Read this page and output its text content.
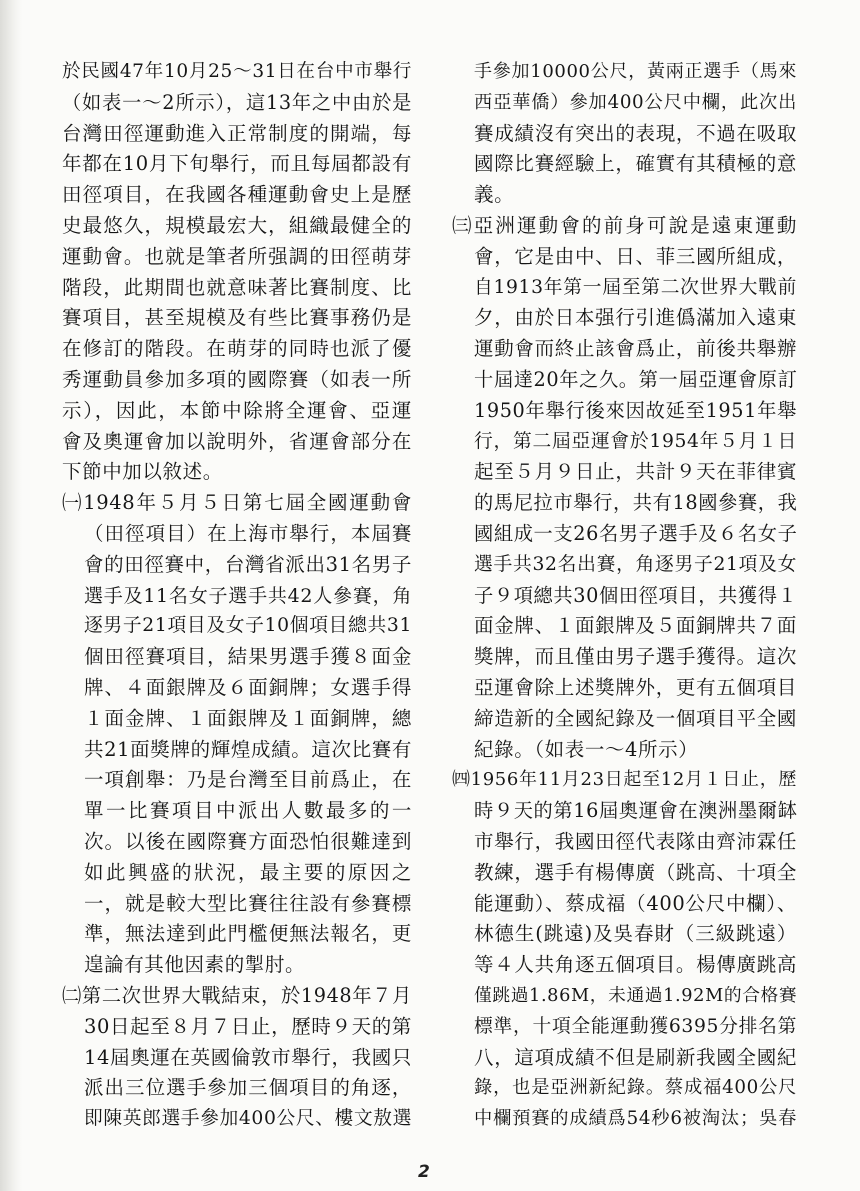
於民國47年10月25～31日在台中市舉行
（如表一～2所示），這13年之中由於是
台灣田徑運動進入正常制度的開端，每
年都在10月下旬舉行，而且每屆都設有
田徑項目，在我國各種運動會史上是歷
史最悠久，規模最宏大，組織最健全的
運動會。也就是筆者所强調的田徑萌芽
階段，此期間也就意味著比賽制度、比
賽項目，甚至規模及有些比賽事務仍是
在修訂的階段。在萌芽的同時也派了優
秀運動員參加多項的國際賽（如表一所
示），因此，本節中除將全運會、亞運
會及奧運會加以說明外，省運會部分在
下節中加以敘述。
㈠1948年５月５日第七屆全國運動會
（田徑項目）在上海市舉行，本屆賽
會的田徑賽中，台灣省派出31名男子
選手及11名女子選手共42人參賽，角
逐男子21項目及女子10個項目總共31
個田徑賽項目，結果男選手獲８面金
牌、４面銀牌及６面銅牌；女選手得
１面金牌、１面銀牌及１面銅牌，總
共21面獎牌的輝煌成績。這次比賽有
一項創舉：乃是台灣至目前爲止，在
單一比賽項目中派出人數最多的一
次。以後在國際賽方面恐怕很難達到
如此興盛的狀況，最主要的原因之
一，就是較大型比賽往往設有參賽標
準，無法達到此門檻便無法報名，更
遑論有其他因素的掣肘。
㈡第二次世界大戰結束，於1948年７月
30日起至８月７日止，歷時９天的第
14屆奧運在英國倫敦市舉行，我國只
派出三位選手參加三個項目的角逐，
即陳英郎選手參加400公尺、樓文敖選
手參加10000公尺，黃兩正選手（馬來
西亞華僑）參加400公尺中欄，此次出
賽成績沒有突出的表現，不過在吸取
國際比賽經驗上，確實有其積極的意
義。
㈢亞洲運動會的前身可說是遠東運動
會，它是由中、日、菲三國所組成，
自1913年第一屆至第二次世界大戰前
夕，由於日本强行引進僞滿加入遠東
運動會而終止該會爲止，前後共舉辦
十屆達20年之久。第一屆亞運會原訂
1950年舉行後來因故延至1951年舉
行，第二屆亞運會於1954年５月１日
起至５月９日止，共計９天在菲律賓
的馬尼拉市舉行，共有18國參賽，我
國組成一支26名男子選手及６名女子
選手共32名出賽，角逐男子21項及女
子９項總共30個田徑項目，共獲得１
面金牌、１面銀牌及５面銅牌共７面
獎牌，而且僅由男子選手獲得。這次
亞運會除上述獎牌外，更有五個項目
締造新的全國紀錄及一個項目平全國
紀錄。（如表一～4所示）
㈣1956年11月23日起至12月１日止，歷
時９天的第16屆奧運會在澳洲墨爾缽
市舉行，我國田徑代表隊由齊沛霖任
教練，選手有楊傳廣（跳高、十項全
能運動）、蔡成福（400公尺中欄）、
林德生(跳遠)及吳春財（三級跳遠）
等４人共角逐五個項目。楊傳廣跳高
僅跳過1.86M，未通過1.92M的合格賽
標準，十項全能運動獲6395分排名第
八，這項成績不但是刷新我國全國紀
錄，也是亞洲新紀錄。蔡成福400公尺
中欄預賽的成績爲54秒6被淘汰；吳春
2
